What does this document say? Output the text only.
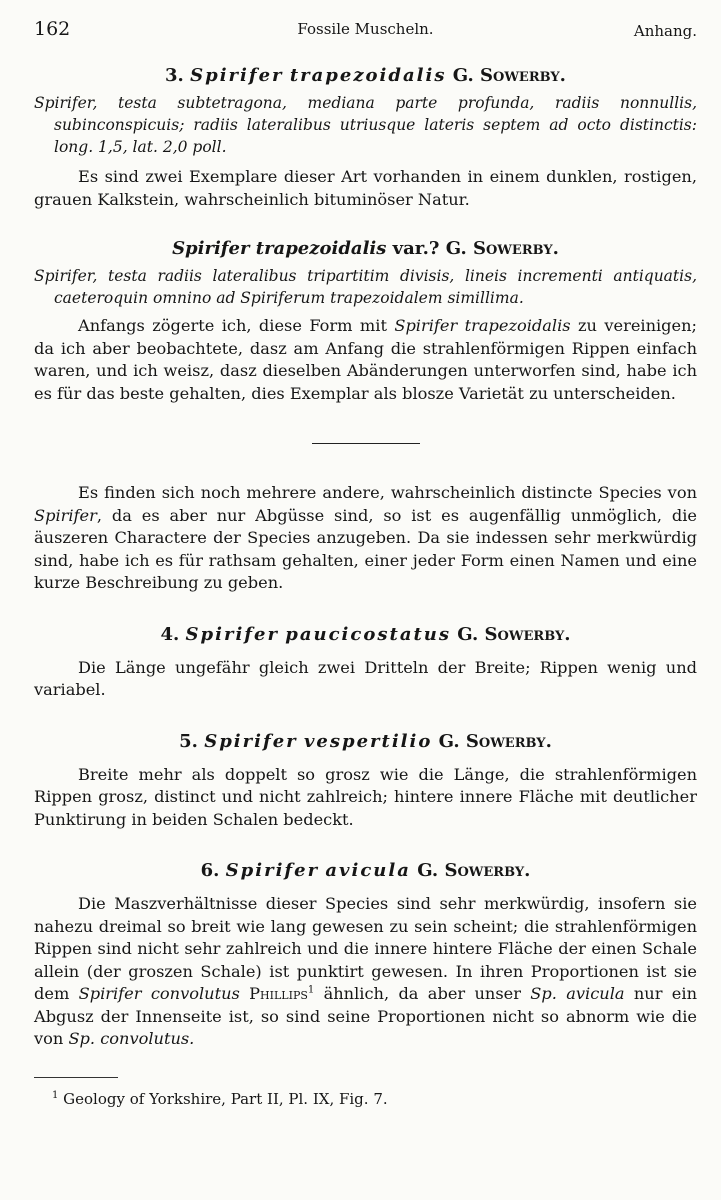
162	Fossile Muscheln.	Anhang.
3. Spirifer trapezoidalis G. Sowerby.

Spirifer, testa subtetragona, mediana parte profunda, radiis nonnullis, subinconspicuis; radiis lateralibus utriusque lateris septem ad octo distinctis: long. 1,5, lat. 2,0 poll.

Es sind zwei Exemplare dieser Art vorhanden in einem dunklen, rostigen, grauen Kalkstein, wahrscheinlich bituminöser Natur.

Spirifer trapezoidalis var.? G. Sowerby.

Spirifer, testa radiis lateralibus tripartitim divisis, lineis incrementi antiquatis, caeteroquin omnino ad Spiriferum trapezoidalem simillima.

Anfangs zögerte ich, diese Form mit Spirifer trapezoidalis zu vereinigen; da ich aber beobachtete, dasz am Anfang die strahlenförmigen Rippen einfach waren, und ich weisz, dasz dieselben Abänderungen unterworfen sind, habe ich es für das beste gehalten, dies Exemplar als blosze Varietät zu unterscheiden.

Es finden sich noch mehrere andere, wahrscheinlich distincte Species von Spirifer, da es aber nur Abgüsse sind, so ist es augenfällig unmöglich, die äuszeren Charactere der Species anzugeben. Da sie indessen sehr merkwürdig sind, habe ich es für rathsam gehalten, einer jeder Form einen Namen und eine kurze Beschreibung zu geben.

4. Spirifer paucicostatus G. Sowerby.

Die Länge ungefähr gleich zwei Dritteln der Breite; Rippen wenig und variabel.

5. Spirifer vespertilio G. Sowerby.

Breite mehr als doppelt so grosz wie die Länge, die strahlenförmigen Rippen grosz, distinct und nicht zahlreich; hintere innere Fläche mit deutlicher Punktirung in beiden Schalen bedeckt.

6. Spirifer avicula G. Sowerby.

Die Maszverhältnisse dieser Species sind sehr merkwürdig, insofern sie nahezu dreimal so breit wie lang gewesen zu sein scheint; die strahlenförmigen Rippen sind nicht sehr zahlreich und die innere hintere Fläche der einen Schale allein (der groszen Schale) ist punktirt gewesen. In ihren Proportionen ist sie dem Spirifer convolutus Phillips$^1$ ähnlich, da aber unser Sp. avicula nur ein Abgusz der Innenseite ist, so sind seine Proportionen nicht so abnorm wie die von Sp. convolutus.

$^1$ Geology of Yorkshire, Part II, Pl. IX, Fig. 7.
